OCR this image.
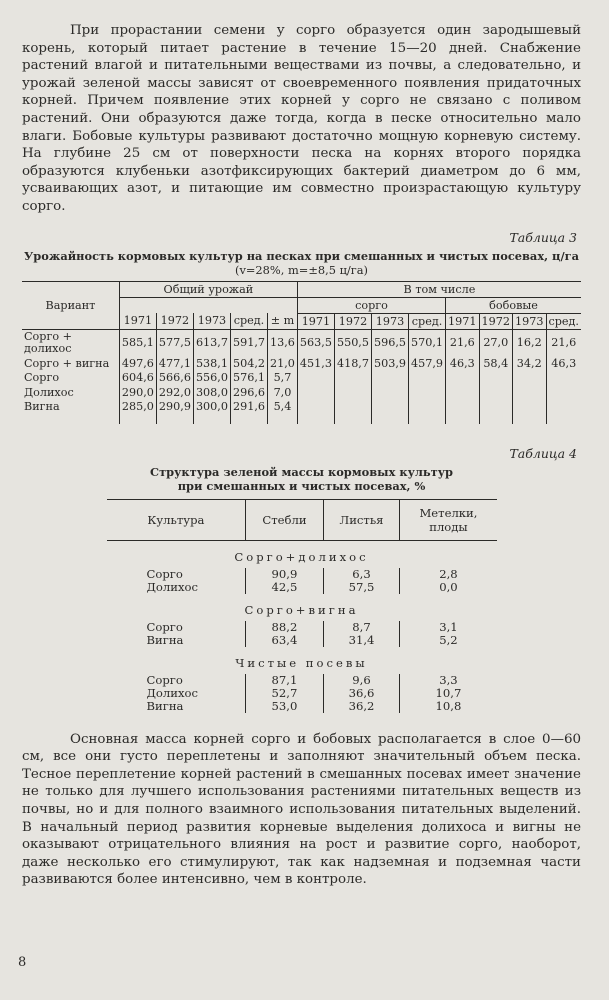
При прорастании семени у сорго образуется один зародышевый корень, который питает растение в течение 15—20 дней. Снабжение растений влагой и питательными веществами из почвы, а следовательно, и урожай зеленой массы зависят от своевременного появления придаточных корней. Причем появление этих корней у сорго не связано с поливом растений. Они образуются даже тогда, когда в песке относительно мало влаги. Бобовые культуры развивают достаточно мощную корневую систему. На глубине 25 см от поверхности песка на корнях второго порядка образуются клубеньки азотфиксирующих бактерий диаметром до 6 мм, усваивающих азот, и питающие им совместно произрастающую культуру сорго.

Таблица 3
Урожайность кормовых культур на песках при смешанных и чистых посевах, ц/га
(v=28%, m=±8,5 ц/га)
Вариант	Общий урожай					В том числе							
						сорго				бобовые			
	1971	1972	1973	сред.	± m	1971	1972	1973	сред.	1971	1972	1973	сред.
Сорго + долихос	585,1	577,5	613,7	591,7	13,6	563,5	550,5	596,5	570,1	21,6	27,0	16,2	21,6
Сорго + вигна	497,6	477,1	538,1	504,2	21,0	451,3	418,7	503,9	457,9	46,3	58,4	34,2	46,3
Сорго	604,6	566,6	556,0	576,1	5,7								
Долихос	290,0	292,0	308,0	296,6	7,0								
Вигна	285,0	290,9	300,0	291,6	5,4								
Таблица 4
Структура зеленой массы кормовых культур
при смешанных и чистых посевах, %
Культура	Стебли	Листья	Метелки,
плоды
Сорго+долихос			
Сорго	90,9	6,3	2,8
Долихос	42,5	57,5	0,0
Сорго+вигна			
Сорго	88,2	8,7	3,1
Вигна	63,4	31,4	5,2
Чистые посевы			
Сорго	87,1	9,6	3,3
Долихос	52,7	36,6	10,7
Вигна	53,0	36,2	10,8

Основная масса корней сорго и бобовых располагается в слое 0—60 см, все они густо переплетены и заполняют значительный объем песка. Тесное переплетение корней растений в смешанных посевах имеет значение не только для лучшего использования растениями питательных веществ из почвы, но и для полного взаимного использования питательных выделений. В начальный период развития корневые выделения долихоса и вигны не оказывают отрицательного влияния на рост и развитие сорго, наоборот, даже несколько его стимулируют, так как надземная и подземная части развиваются более интенсивно, чем в контроле.

8
